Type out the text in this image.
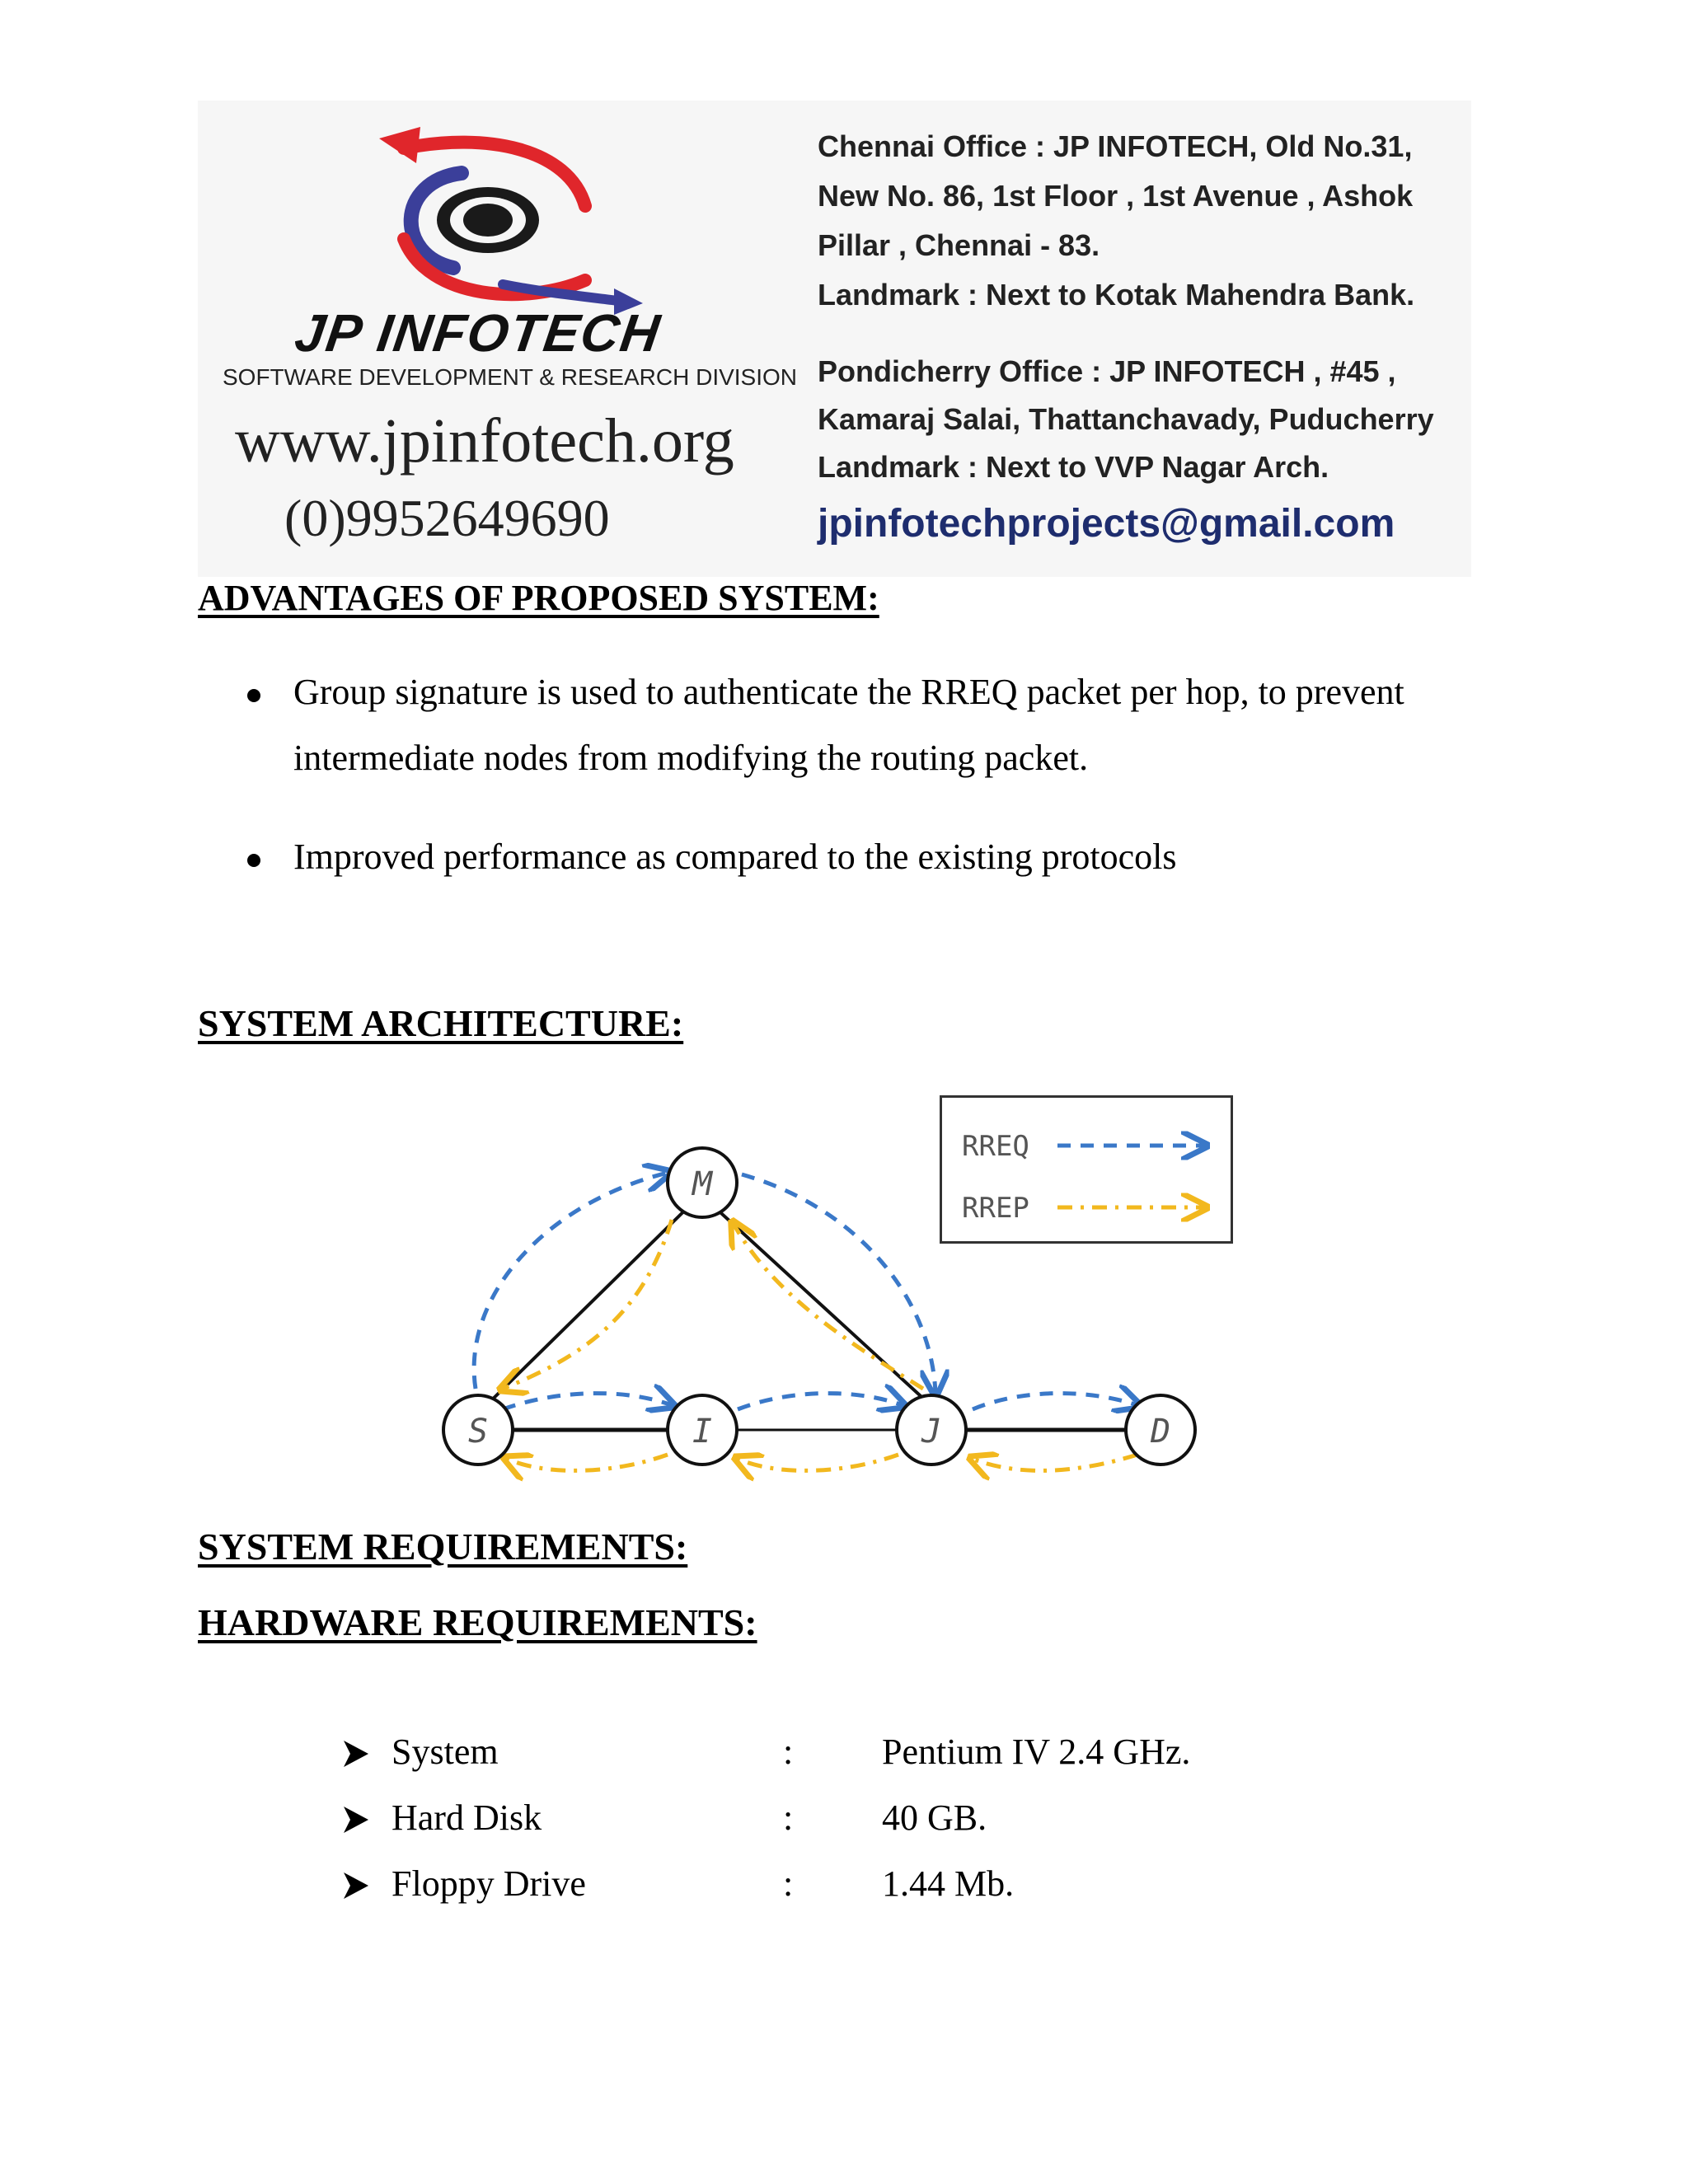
JP INFOTECH
SOFTWARE DEVELOPMENT & RESEARCH DIVISION
www.jpinfotech.org
(0)9952649690
Chennai Office : JP INFOTECH, Old No.31,
New No. 86, 1st Floor , 1st Avenue , Ashok
Pillar , Chennai - 83.
Landmark : Next to Kotak Mahendra Bank.
Pondicherry Office : JP INFOTECH , #45 ,
Kamaraj Salai, Thattanchavady, Puducherry
Landmark : Next to VVP Nagar Arch.
jpinfotechprojects@gmail.com
ADVANTAGES OF PROPOSED SYSTEM:
Group signature is used to authenticate the RREQ packet per hop, to prevent intermediate nodes from modifying the routing packet.
Improved performance as compared to the existing protocols
SYSTEM ARCHITECTURE:
M
S	I	J	D
RREQ
RREP
SYSTEM REQUIREMENTS:
HARDWARE REQUIREMENTS:
System	: Pentium IV 2.4 GHz.
Hard Disk	: 40 GB.
Floppy Drive	: 1.44 Mb.
